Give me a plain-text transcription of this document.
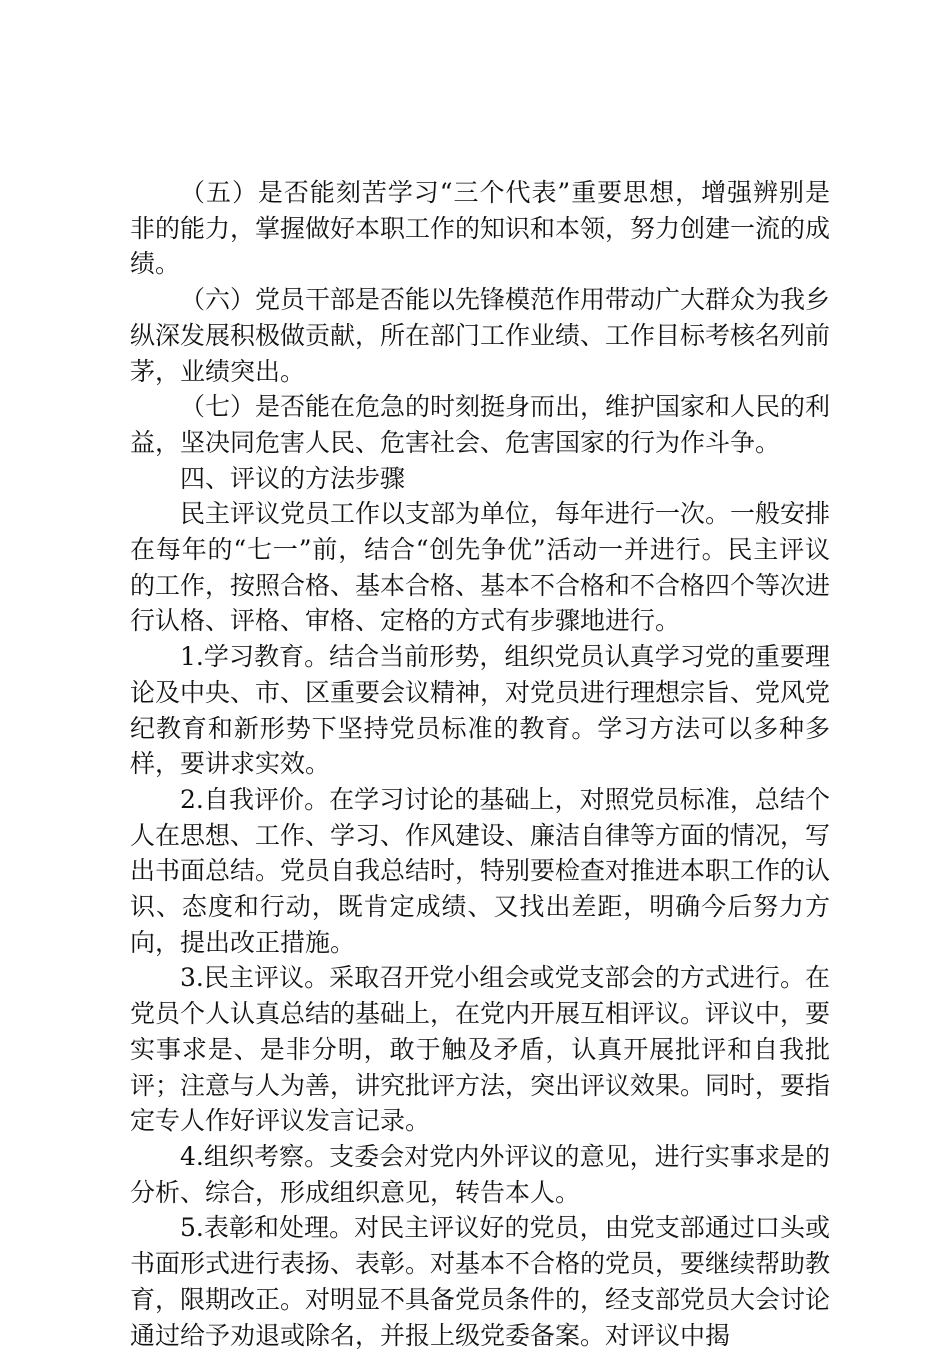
（五）是否能刻苦学习“三个代表”重要思想，增强辨别是非的能力，掌握做好本职工作的知识和本领，努力创建一流的成绩。

（六）党员干部是否能以先锋模范作用带动广大群众为我乡纵深发展积极做贡献，所在部门工作业绩、工作目标考核名列前茅，业绩突出。

（七）是否能在危急的时刻挺身而出，维护国家和人民的利益，坚决同危害人民、危害社会、危害国家的行为作斗争。

四、评议的方法步骤

民主评议党员工作以支部为单位，每年进行一次。一般安排在每年的“七一”前，结合“创先争优”活动一并进行。民主评议的工作，按照合格、基本合格、基本不合格和不合格四个等次进行认格、评格、审格、定格的方式有步骤地进行。

1.学习教育。结合当前形势，组织党员认真学习党的重要理论及中央、市、区重要会议精神，对党员进行理想宗旨、党风党纪教育和新形势下坚持党员标准的教育。学习方法可以多种多样，要讲求实效。

2.自我评价。在学习讨论的基础上，对照党员标准，总结个人在思想、工作、学习、作风建设、廉洁自律等方面的情况，写出书面总结。党员自我总结时，特别要检查对推进本职工作的认识、态度和行动，既肯定成绩、又找出差距，明确今后努力方向，提出改正措施。

3.民主评议。采取召开党小组会或党支部会的方式进行。在党员个人认真总结的基础上，在党内开展互相评议。评议中，要实事求是、是非分明，敢于触及矛盾，认真开展批评和自我批评；注意与人为善，讲究批评方法，突出评议效果。同时，要指定专人作好评议发言记录。

4.组织考察。支委会对党内外评议的意见，进行实事求是的分析、综合，形成组织意见，转告本人。

5.表彰和处理。对民主评议好的党员，由党支部通过口头或书面形式进行表扬、表彰。对基本不合格的党员，要继续帮助教育，限期改正。对明显不具备党员条件的，经支部党员大会讨论通过给予劝退或除名，并报上级党委备案。对评议中揭
